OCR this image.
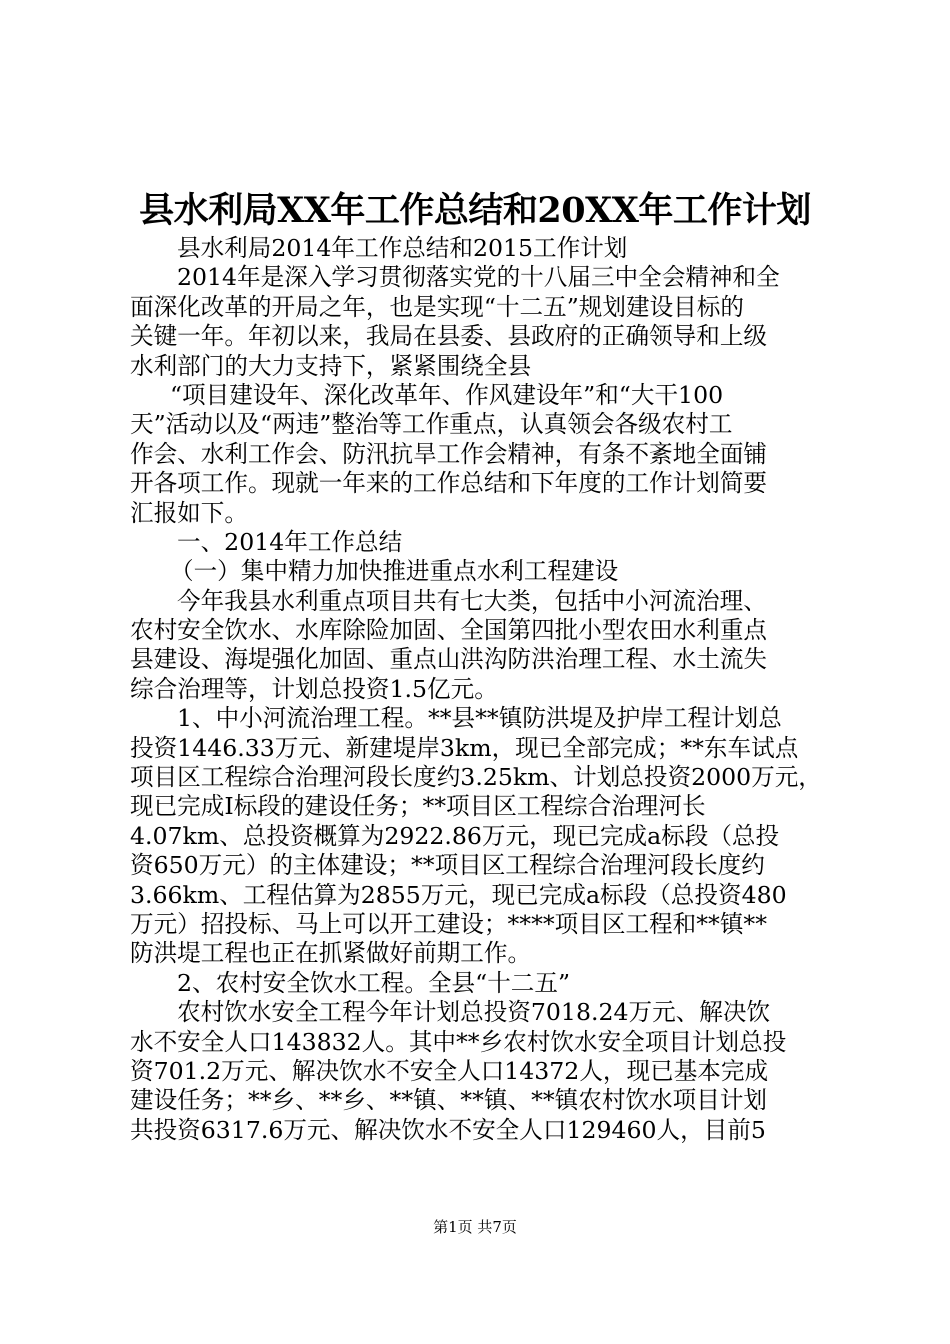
县水利局XX年工作总结和20XX年工作计划
县水利局2014年工作总结和2015工作计划
2014年是深入学习贯彻落实党的十八届三中全会精神和全
面深化改革的开局之年，也是实现“十二五”规划建设目标的
关键一年。年初以来，我局在县委、县政府的正确领导和上级
水利部门的大力支持下，紧紧围绕全县
“项目建设年、深化改革年、作风建设年”和“大干100
天”活动以及“两违”整治等工作重点，认真领会各级农村工
作会、水利工作会、防汛抗旱工作会精神，有条不紊地全面铺
开各项工作。现就一年来的工作总结和下年度的工作计划简要
汇报如下。
一、2014年工作总结
（一）集中精力加快推进重点水利工程建设
今年我县水利重点项目共有七大类，包括中小河流治理、
农村安全饮水、水库除险加固、全国第四批小型农田水利重点
县建设、海堤强化加固、重点山洪沟防洪治理工程、水土流失
综合治理等，计划总投资1.5亿元。
1、中小河流治理工程。**县**镇防洪堤及护岸工程计划总
投资1446.33万元、新建堤岸3km，现已全部完成；**东车试点
项目区工程综合治理河段长度约3.25km、计划总投资2000万元，
现已完成Ⅰ标段的建设任务；**项目区工程综合治理河长
4.07km、总投资概算为2922.86万元，现已完成a标段（总投
资650万元）的主体建设；**项目区工程综合治理河段长度约
3.66km、工程估算为2855万元，现已完成a标段（总投资480
万元）招投标、马上可以开工建设；****项目区工程和**镇**
防洪堤工程也正在抓紧做好前期工作。
2、农村安全饮水工程。全县“十二五”
农村饮水安全工程今年计划总投资7018.24万元、解决饮
水不安全人口143832人。其中**乡农村饮水安全项目计划总投
资701.2万元、解决饮水不安全人口14372人，现已基本完成
建设任务；**乡、**乡、**镇、**镇、**镇农村饮水项目计划
共投资6317.6万元、解决饮水不安全人口129460人，目前5
第1页 共7页
